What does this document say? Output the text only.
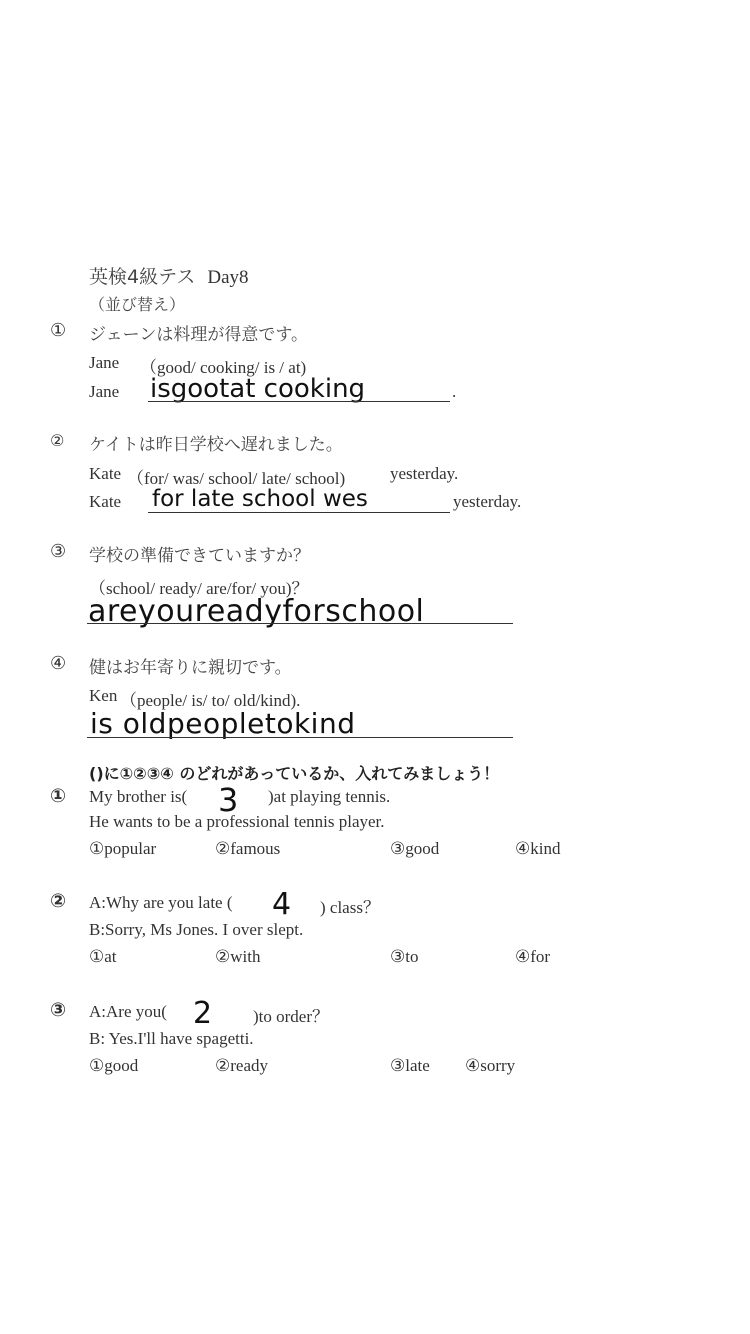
英検4級テス Day8
（並び替え）
① ジェーンは料理が得意です。
Jane （good/ cooking/ is / at)
Jane isgootat cooking	.
② ケイトは昨日学校へ遅れました。
Kate （for/ was/ school/ late/ school)	yesterday.
Kate for late school wes	yesterday.
③ 学校の準備できていますか？
（school/ ready/ are/for/ you)？
areyoureadyforschool
④ 健はお年寄りに親切です。
Ken （people/ is/ to/ old/kind).
is oldpeopletokind
()に①②③④ のどれがあっているか、入れてみましょう！
① My brother is( 3 )at playing tennis.
He wants to be a professional tennis player.
①popular	②famous	③good	④kind
② A:Why are you late ( 4 ) class？
B:Sorry, Ms Jones. I over slept.
①at	②with	③to	④for
③ A:Are you( 2 )to order？
B: Yes.I'll have spagetti.
①good	②ready	③late ④sorry
